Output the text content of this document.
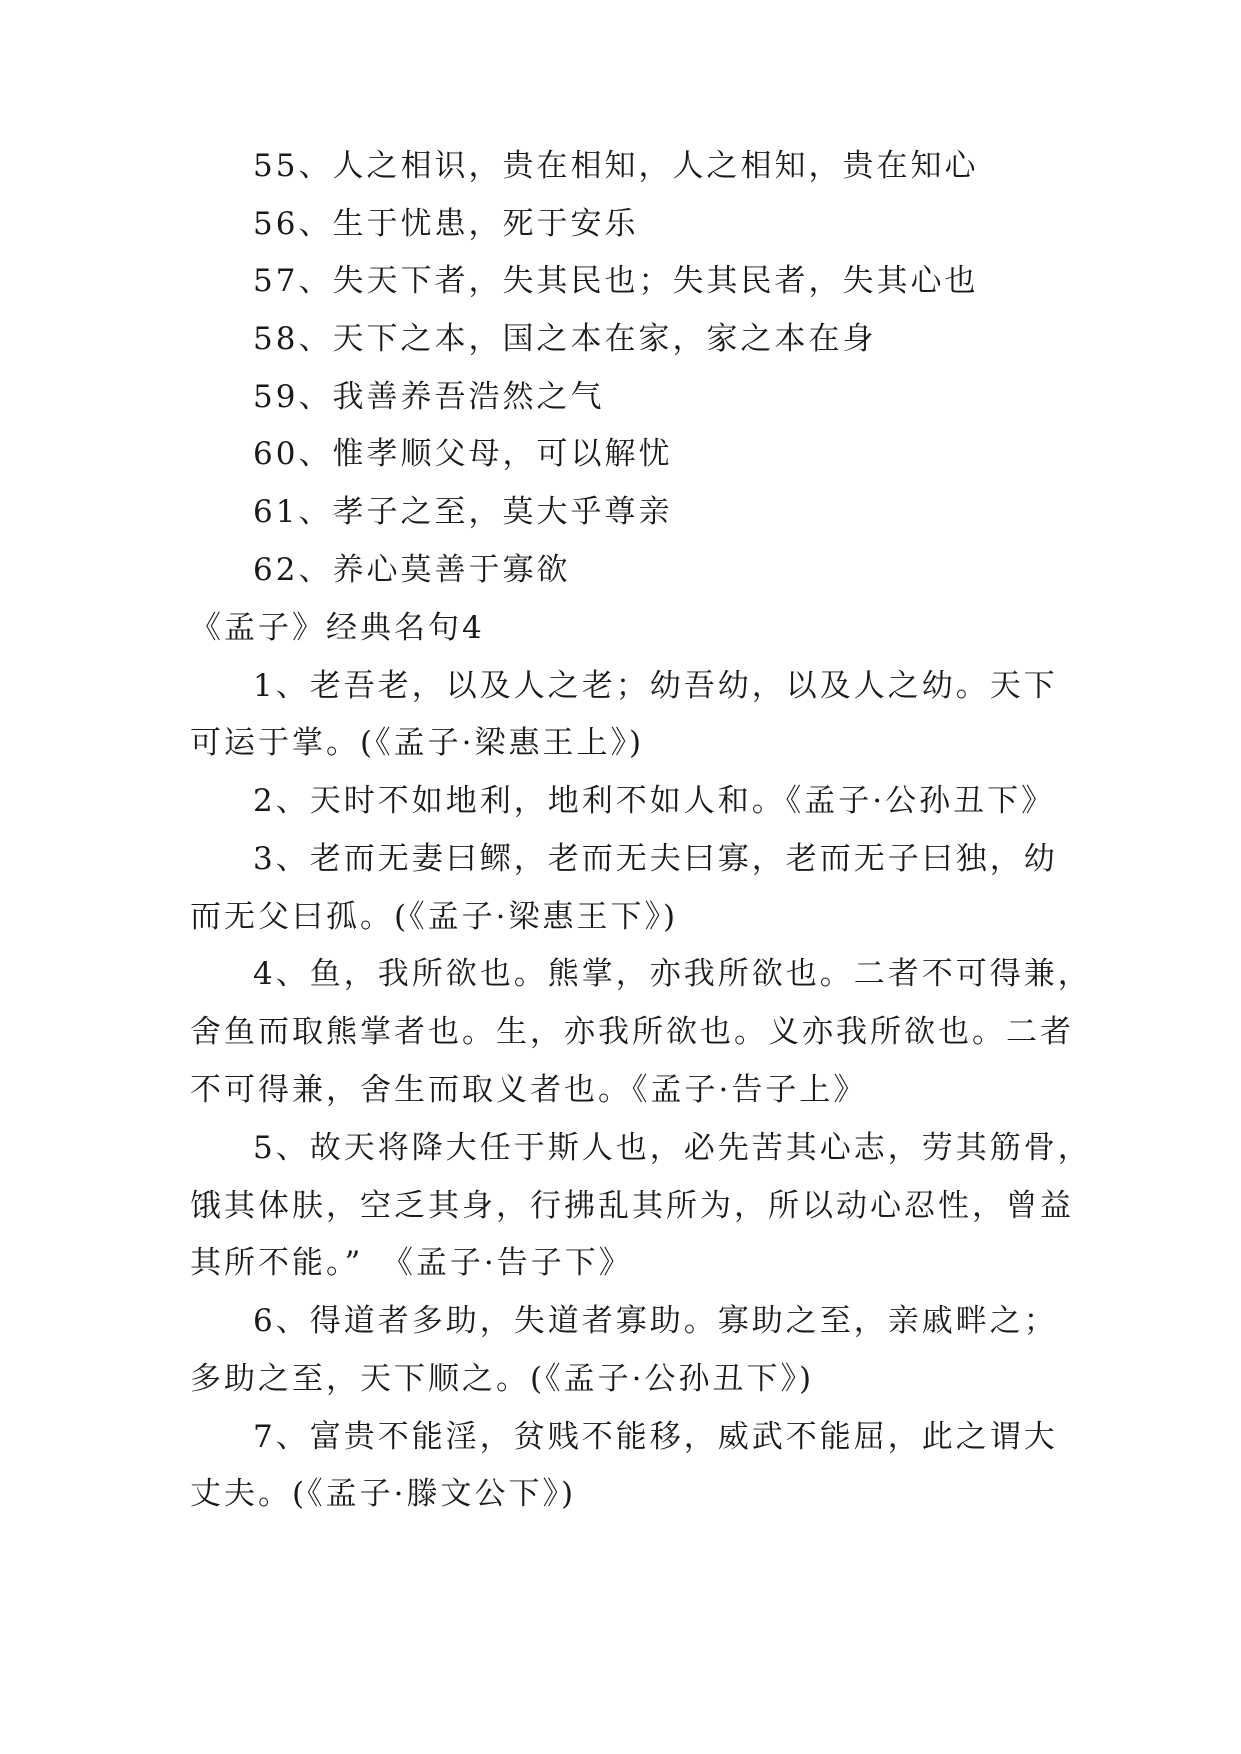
55、人之相识，贵在相知，人之相知，贵在知心
56、生于忧患，死于安乐
57、失天下者，失其民也；失其民者，失其心也
58、天下之本，国之本在家，家之本在身
59、我善养吾浩然之气
60、惟孝顺父母，可以解忧
61、孝子之至，莫大乎尊亲
62、养心莫善于寡欲
《孟子》经典名句4
1、老吾老，以及人之老；幼吾幼，以及人之幼。天下
可运于掌。(《孟子·梁惠王上》)
2、天时不如地利，地利不如人和。《孟子·公孙丑下》
3、老而无妻曰鳏，老而无夫曰寡，老而无子曰独，幼
而无父曰孤。(《孟子·梁惠王下》)
4、鱼，我所欲也。熊掌，亦我所欲也。二者不可得兼，
舍鱼而取熊掌者也。生，亦我所欲也。义亦我所欲也。二者
不可得兼，舍生而取义者也。《孟子·告子上》
5、故天将降大任于斯人也，必先苦其心志，劳其筋骨，
饿其体肤，空乏其身，行拂乱其所为，所以动心忍性，曾益
其所不能。”　《孟子·告子下》
6、得道者多助，失道者寡助。寡助之至，亲戚畔之；
多助之至，天下顺之。(《孟子·公孙丑下》)
7、富贵不能淫，贫贱不能移，威武不能屈，此之谓大
丈夫。(《孟子·滕文公下》)
